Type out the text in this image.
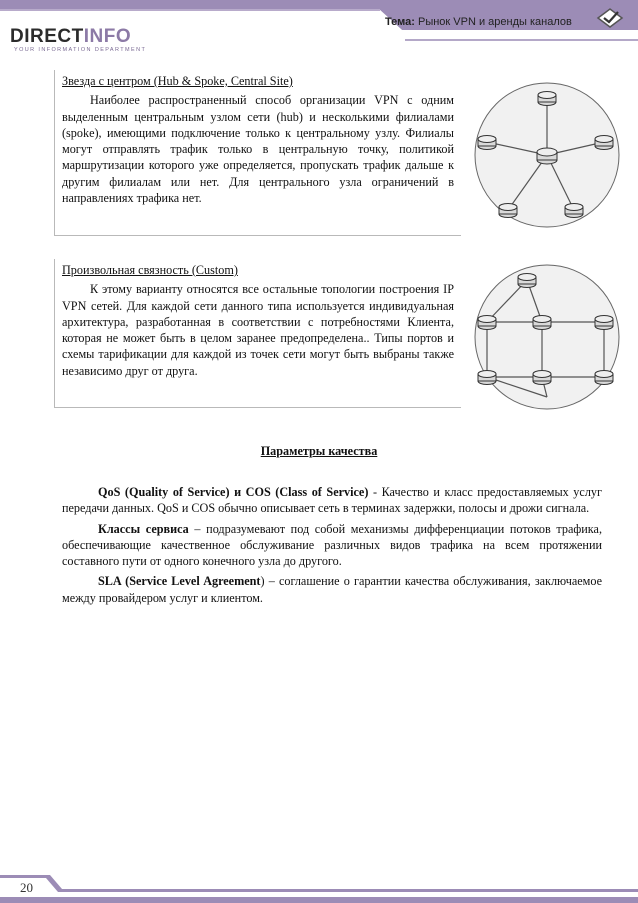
DIRECTINFO
YOUR INFORMATION DEPARTMENT
Тема: Рынок VPN и аренды каналов

Звезда с центром (Hub & Spoke, Central Site)

Наиболее распространенный способ организации VPN с одним выделенным центральным узлом сети (hub) и несколькими филиалами (spoke), имеющими подключение только к центральному узлу. Филиалы могут отправлять трафик только в центральную точку, политикой маршрутизации которого уже определяется, пропускать трафик дальше к другим филиалам или нет. Для центрального узла ограничений в направлениях трафика нет.

Произвольная связность (Custom)

К этому варианту относятся все остальные топологии построения IP VPN сетей. Для каждой сети данного типа используется индивидуальная архитектура, разработанная в соответствии с потребностями Клиента, которая не может быть в целом заранее предопределена.. Типы портов и схемы тарификации для каждой из точек сети могут быть выбраны также независимо друг от друга.

Параметры качества

QoS (Quality of Service) и COS (Class of Service) - Качество и класс предоставляемых услуг передачи данных. QoS и COS обычно описывает сеть в терминах задержки, полосы и дрожи сигнала.

Классы сервиса – подразумевают под собой механизмы дифференциации потоков трафика, обеспечивающие качественное обслуживание различных видов трафика на всем протяжении составного пути от одного конечного узла до другого.

SLA (Service Level Agreement) – соглашение о гарантии качества обслуживания, заключаемое между провайдером услуг и клиентом.

20
